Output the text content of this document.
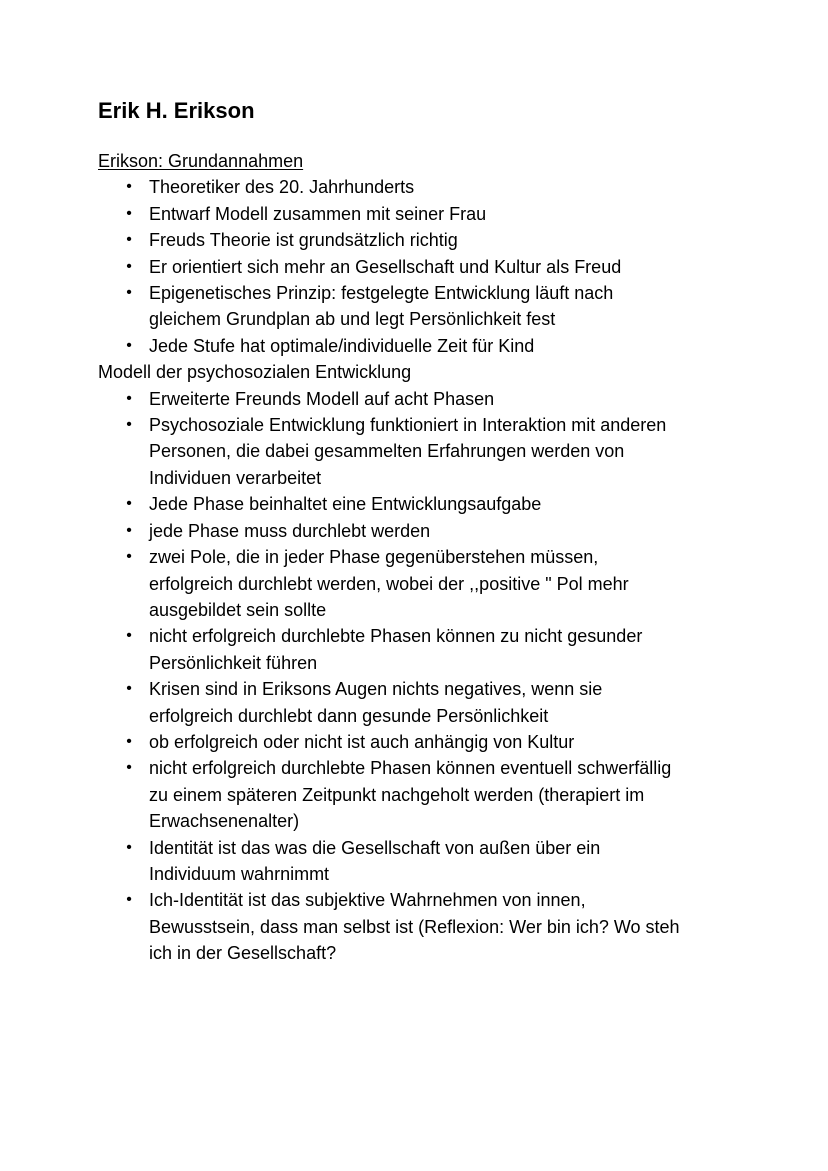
Erik H. Erikson
Erikson: Grundannahmen
• Theoretiker des 20. Jahrhunderts
• Entwarf Modell zusammen mit seiner Frau
• Freuds Theorie ist grundsätzlich richtig
• Er orientiert sich mehr an Gesellschaft und Kultur als Freud
• Epigenetisches Prinzip: festgelegte Entwicklung läuft nach
gleichem Grundplan ab und legt Persönlichkeit fest
• Jede Stufe hat optimale/individuelle Zeit für Kind
Modell der psychosozialen Entwicklung
• Erweiterte Freunds Modell auf acht Phasen
• Psychosoziale Entwicklung funktioniert in Interaktion mit anderen
Personen, die dabei gesammelten Erfahrungen werden von
Individuen verarbeitet
• Jede Phase beinhaltet eine Entwicklungsaufgabe
• jede Phase muss durchlebt werden
• zwei Pole, die in jeder Phase gegenüberstehen müssen,
erfolgreich durchlebt werden, wobei der ,,positive " Pol mehr
ausgebildet sein sollte
• nicht erfolgreich durchlebte Phasen können zu nicht gesunder
Persönlichkeit führen
• Krisen sind in Eriksons Augen nichts negatives, wenn sie
erfolgreich durchlebt dann gesunde Persönlichkeit
• ob erfolgreich oder nicht ist auch anhängig von Kultur
• nicht erfolgreich durchlebte Phasen können eventuell schwerfällig
zu einem späteren Zeitpunkt nachgeholt werden (therapiert im
Erwachsenenalter)
• Identität ist das was die Gesellschaft von außen über ein
Individuum wahrnimmt
• Ich-Identität ist das subjektive Wahrnehmen von innen,
Bewusstsein, dass man selbst ist (Reflexion: Wer bin ich? Wo steh
ich in der Gesellschaft?
